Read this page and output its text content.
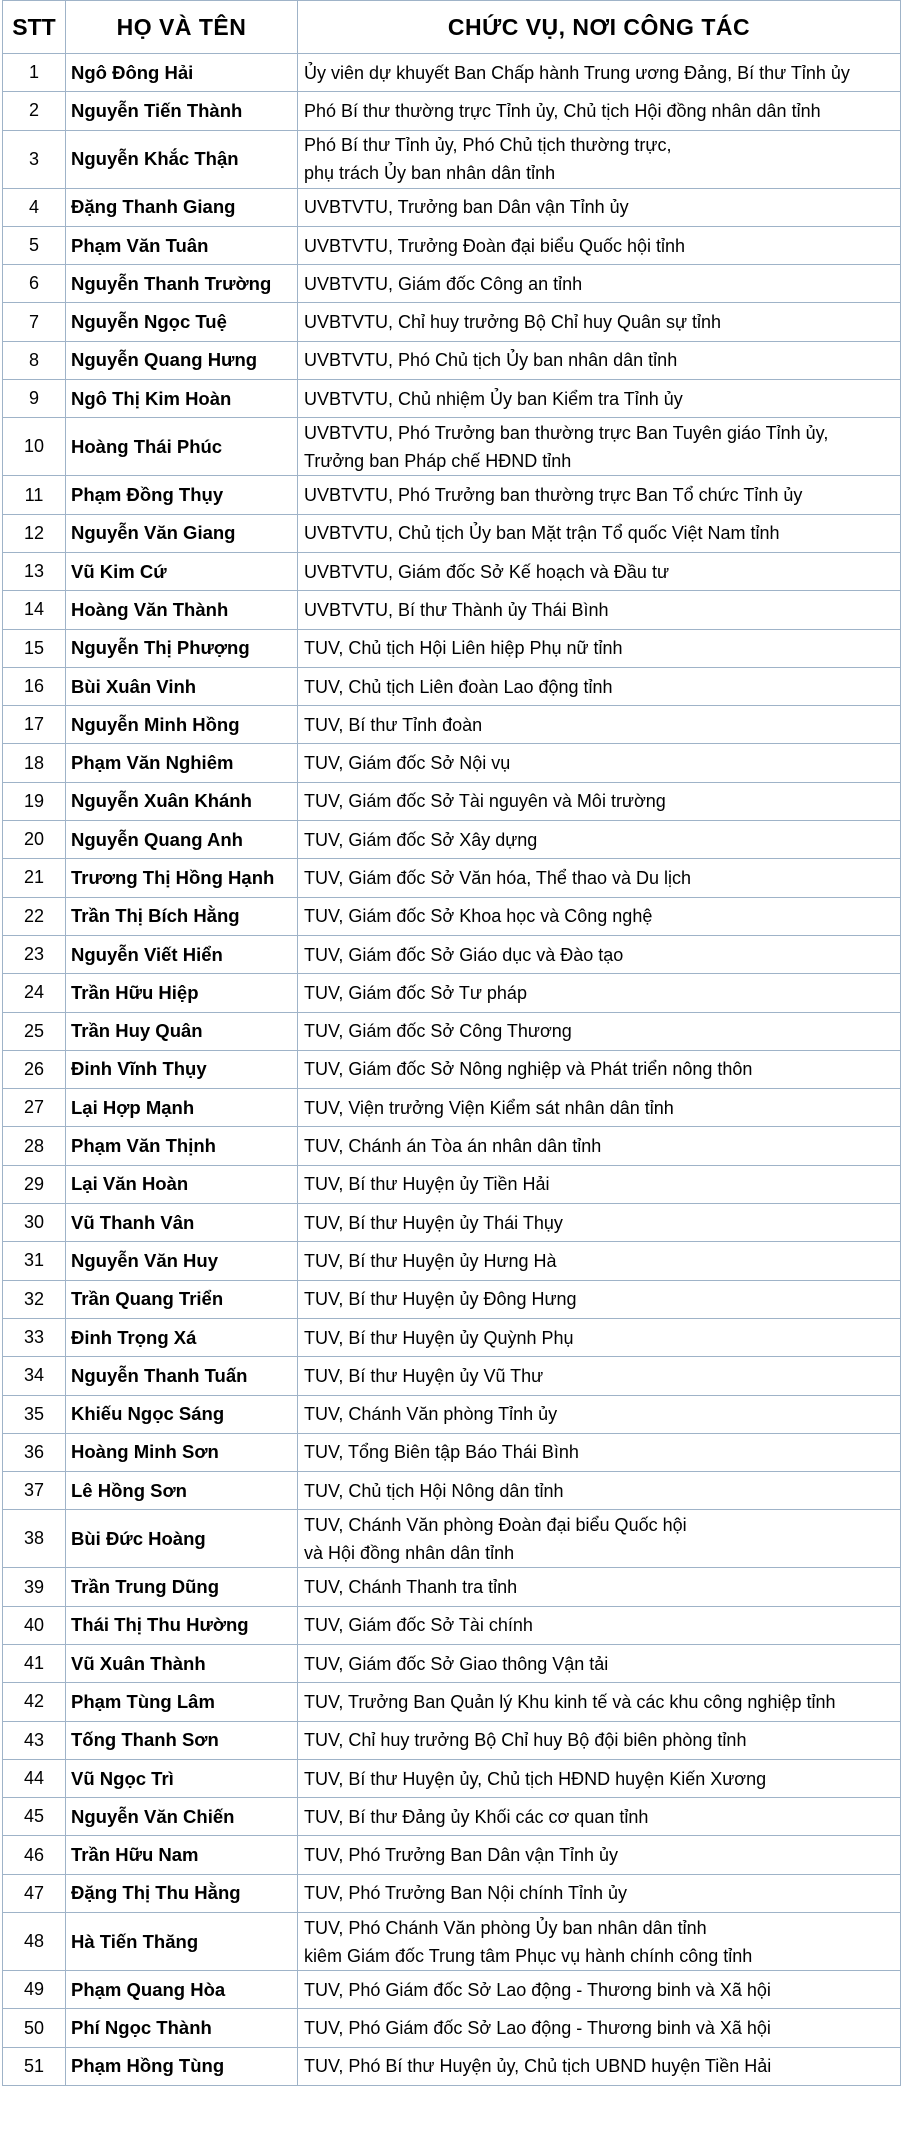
STT	HỌ VÀ TÊN	CHỨC VỤ, NƠI CÔNG TÁC
1	Ngô Đông Hải	Ủy viên dự khuyết Ban Chấp hành Trung ương Đảng, Bí thư Tỉnh ủy

2	Nguyễn Tiến Thành	Phó Bí thư thường trực Tỉnh ủy, Chủ tịch Hội đồng nhân dân tỉnh

3	Nguyễn Khắc Thận	Phó Bí thư Tỉnh ủy, Phó Chủ tịch thường trực,
phụ trách Ủy ban nhân dân tỉnh

4	Đặng Thanh Giang	UVBTVTU, Trưởng ban Dân vận Tỉnh ủy

5	Phạm Văn Tuân	UVBTVTU, Trưởng Đoàn đại biểu Quốc hội tỉnh

6	Nguyễn Thanh Trường	UVBTVTU, Giám đốc Công an tỉnh

7	Nguyễn Ngọc Tuệ	UVBTVTU, Chỉ huy trưởng Bộ Chỉ huy Quân sự tỉnh

8	Nguyễn Quang Hưng	UVBTVTU, Phó Chủ tịch Ủy ban nhân dân tỉnh

9	Ngô Thị Kim Hoàn	UVBTVTU, Chủ nhiệm Ủy ban Kiểm tra Tỉnh ủy

10	Hoàng Thái Phúc	UVBTVTU, Phó Trưởng ban thường trực Ban Tuyên giáo Tỉnh ủy,
Trưởng ban Pháp chế HĐND tỉnh

11	Phạm Đồng Thụy	UVBTVTU, Phó Trưởng ban thường trực Ban Tổ chức Tỉnh ủy

12	Nguyễn Văn Giang	UVBTVTU, Chủ tịch Ủy ban Mặt trận Tổ quốc Việt Nam tỉnh

13	Vũ Kim Cứ	UVBTVTU, Giám đốc Sở Kế hoạch và Đầu tư

14	Hoàng Văn Thành	UVBTVTU, Bí thư Thành ủy Thái Bình

15	Nguyễn Thị Phượng	TUV, Chủ tịch Hội Liên hiệp Phụ nữ tỉnh

16	Bùi Xuân Vinh	TUV, Chủ tịch Liên đoàn Lao động tỉnh

17	Nguyễn Minh Hồng	TUV, Bí thư Tỉnh đoàn

18	Phạm Văn Nghiêm	TUV, Giám đốc Sở Nội vụ

19	Nguyễn Xuân Khánh	TUV, Giám đốc Sở Tài nguyên và Môi trường

20	Nguyễn Quang Anh	TUV, Giám đốc Sở Xây dựng

21	Trương Thị Hồng Hạnh	TUV, Giám đốc Sở Văn hóa, Thể thao và Du lịch

22	Trần Thị Bích Hằng	TUV, Giám đốc Sở Khoa học và Công nghệ

23	Nguyễn Viết Hiển	TUV, Giám đốc Sở Giáo dục và Đào tạo

24	Trần Hữu Hiệp	TUV, Giám đốc Sở Tư pháp

25	Trần Huy Quân	TUV, Giám đốc Sở Công Thương

26	Đinh Vĩnh Thụy	TUV, Giám đốc Sở Nông nghiệp và Phát triển nông thôn

27	Lại Hợp Mạnh	TUV, Viện trưởng Viện Kiểm sát nhân dân tỉnh

28	Phạm Văn Thịnh	TUV, Chánh án Tòa án nhân dân tỉnh

29	Lại Văn Hoàn	TUV, Bí thư Huyện ủy Tiền Hải

30	Vũ Thanh Vân	TUV, Bí thư Huyện ủy Thái Thụy

31	Nguyễn Văn Huy	TUV, Bí thư Huyện ủy Hưng Hà

32	Trần Quang Triển	TUV, Bí thư Huyện ủy Đông Hưng

33	Đinh Trọng Xá	TUV, Bí thư Huyện ủy Quỳnh Phụ

34	Nguyễn Thanh Tuấn	TUV, Bí thư Huyện ủy Vũ Thư

35	Khiếu Ngọc Sáng	TUV, Chánh Văn phòng Tỉnh ủy

36	Hoàng Minh Sơn	TUV, Tổng Biên tập Báo Thái Bình

37	Lê Hồng Sơn	TUV, Chủ tịch Hội Nông dân tỉnh

38	Bùi Đức Hoàng	TUV, Chánh Văn phòng Đoàn đại biểu Quốc hội
và Hội đồng nhân dân tỉnh

39	Trần Trung Dũng	TUV, Chánh Thanh tra tỉnh

40	Thái Thị Thu Hường	TUV, Giám đốc Sở Tài chính

41	Vũ Xuân Thành	TUV, Giám đốc Sở Giao thông Vận tải

42	Phạm Tùng Lâm	TUV, Trưởng Ban Quản lý Khu kinh tế và các khu công nghiệp tỉnh

43	Tống Thanh Sơn	TUV, Chỉ huy trưởng Bộ Chỉ huy Bộ đội biên phòng tỉnh

44	Vũ Ngọc Trì	TUV, Bí thư Huyện ủy, Chủ tịch HĐND huyện Kiến Xương

45	Nguyễn Văn Chiến	TUV, Bí thư Đảng ủy Khối các cơ quan tỉnh

46	Trần Hữu Nam	TUV, Phó Trưởng Ban Dân vận Tỉnh ủy

47	Đặng Thị Thu Hằng	TUV, Phó Trưởng Ban Nội chính Tỉnh ủy

48	Hà Tiến Thăng	TUV, Phó Chánh Văn phòng Ủy ban nhân dân tỉnh
kiêm Giám đốc Trung tâm Phục vụ hành chính công tỉnh

49	Phạm Quang Hòa	TUV, Phó Giám đốc Sở Lao động - Thương binh và Xã hội

50	Phí Ngọc Thành	TUV, Phó Giám đốc Sở Lao động - Thương binh và Xã hội

51	Phạm Hồng Tùng	TUV, Phó Bí thư Huyện ủy, Chủ tịch UBND huyện Tiền Hải
